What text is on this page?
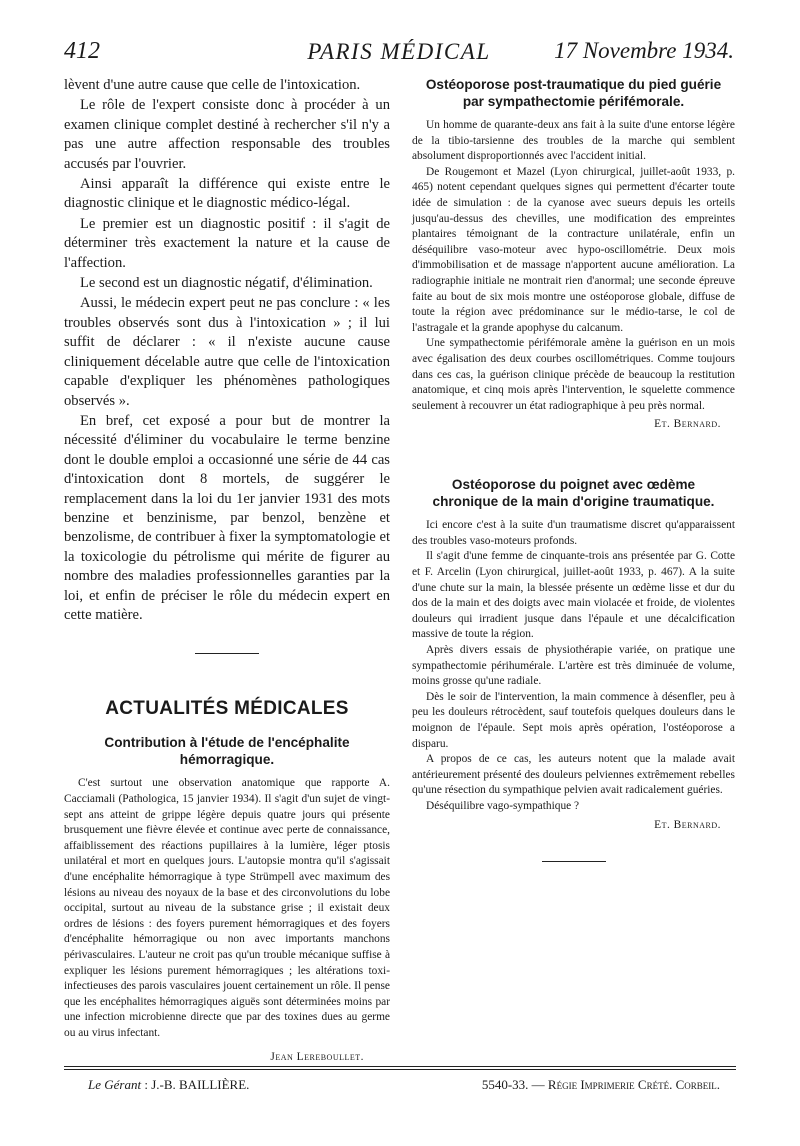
412	PARIS MÉDICAL	17 Novembre 1934.

lèvent d'une autre cause que celle de l'intoxication.

Le rôle de l'expert consiste donc à procéder à un examen clinique complet destiné à rechercher s'il n'y a pas une autre affection responsable des troubles accusés par l'ouvrier.

Ainsi apparaît la différence qui existe entre le diagnostic clinique et le diagnostic médico-légal.

Le premier est un diagnostic positif : il s'agit de déterminer très exactement la nature et la cause de l'affection.

Le second est un diagnostic négatif, d'élimination.

Aussi, le médecin expert peut ne pas conclure : « les troubles observés sont dus à l'intoxication » ; il lui suffit de déclarer : « il n'existe aucune cause cliniquement décelable autre que celle de l'intoxication capable d'expliquer les phénomènes pathologiques observés ».

En bref, cet exposé a pour but de montrer la nécessité d'éliminer du vocabulaire le terme benzine dont le double emploi a occasionné une série de 44 cas d'intoxication dont 8 mortels, de suggérer le remplacement dans la loi du 1er janvier 1931 des mots benzine et benzinisme, par benzol, benzène et benzolisme, de contribuer à fixer la symptomatologie et la toxicologie du pétrolisme qui mérite de figurer au nombre des maladies professionnelles garanties par la loi, et enfin de préciser le rôle du médecin expert en cette matière.

ACTUALITÉS MÉDICALES
Contribution à l'étude de l'encéphalite hémorragique.

C'est surtout une observation anatomique que rapporte A. Cacciamali (Pathologica, 15 janvier 1934). Il s'agit d'un sujet de vingt-sept ans atteint de grippe légère depuis quatre jours qui présente brusquement une fièvre élevée et continue avec perte de connaissance, affaiblissement des réactions pupillaires à la lumière, léger ptosis unilatéral et mort en quelques jours. L'autopsie montra qu'il s'agissait d'une encéphalite hémorragique à type Strümpell avec maximum des lésions au niveau des noyaux de la base et des circonvolutions du lobe occipital, surtout au niveau de la substance grise ; il existait deux ordres de lésions : des foyers purement hémorragiques et des foyers d'encéphalite hémorragique ou non avec importants manchons périvasculaires. L'auteur ne croit pas qu'un trouble mécanique suffise à expliquer les lésions purement hémorragiques ; les altérations toxi-infectieuses des parois vasculaires jouent certainement un rôle. Il pense que les encéphalites hémorragiques aiguës sont déterminées moins par une infection microbienne directe que par des toxines dues au germe ou au virus infectant.

Jean Lereboullet.
Ostéoporose post-traumatique du pied guérie par sympathectomie périfémorale.

Un homme de quarante-deux ans fait à la suite d'une entorse légère de la tibio-tarsienne des troubles de la marche qui semblent absolument disproportionnés avec l'accident initial.

De Rougemont et Mazel (Lyon chirurgical, juillet-août 1933, p. 465) notent cependant quelques signes qui permettent d'écarter toute idée de simulation : de la cyanose avec sueurs depuis les orteils jusqu'au-dessus des chevilles, une modification des empreintes plantaires témoignant de la contracture unilatérale, enfin un déséquilibre vaso-moteur avec hypo-oscillométrie. Deux mois d'immobilisation et de massage n'apportent aucune amélioration. La radiographie initiale ne montrait rien d'anormal; une seconde épreuve faite au bout de six mois montre une ostéoporose globale, diffuse de toute la région avec prédominance sur le médio-tarse, le col de l'astragale et la grande apophyse du calcanum.

Une sympathectomie périfémorale amène la guérison en un mois avec égalisation des deux courbes oscillométriques. Comme toujours dans ces cas, la guérison clinique précède de beaucoup la restitution anatomique, et cinq mois après l'intervention, le squelette commence seulement à recouvrer un état radiographique à peu près normal.

Et. Bernard.
Ostéoporose du poignet avec œdème chronique de la main d'origine traumatique.

Ici encore c'est à la suite d'un traumatisme discret qu'apparaissent des troubles vaso-moteurs profonds.

Il s'agit d'une femme de cinquante-trois ans présentée par G. Cotte et F. Arcelin (Lyon chirurgical, juillet-août 1933, p. 467). A la suite d'une chute sur la main, la blessée présente un œdème lisse et dur du dos de la main et des doigts avec main violacée et froide, de violentes douleurs qui irradient jusque dans l'épaule et une décalcification massive de toute la région.

Après divers essais de physiothérapie variée, on pratique une sympathectomie périhumérale. L'artère est très diminuée de volume, moins grosse qu'une radiale.

Dès le soir de l'intervention, la main commence à désenfler, peu à peu les douleurs rétrocèdent, sauf toutefois quelques douleurs dans le moignon de l'épaule. Sept mois après opération, l'ostéoporose a disparu.

A propos de ce cas, les auteurs notent que la malade avait antérieurement présenté des douleurs pelviennes extrêmement rebelles qu'une résection du sympathique pelvien avait radicalement guéries.

Déséquilibre vago-sympathique ?

Et. Bernard.
Le Gérant : J.-B. BAILLIÈRE.	5540-33. — Régie Imprimerie Crété. Corbeil.
